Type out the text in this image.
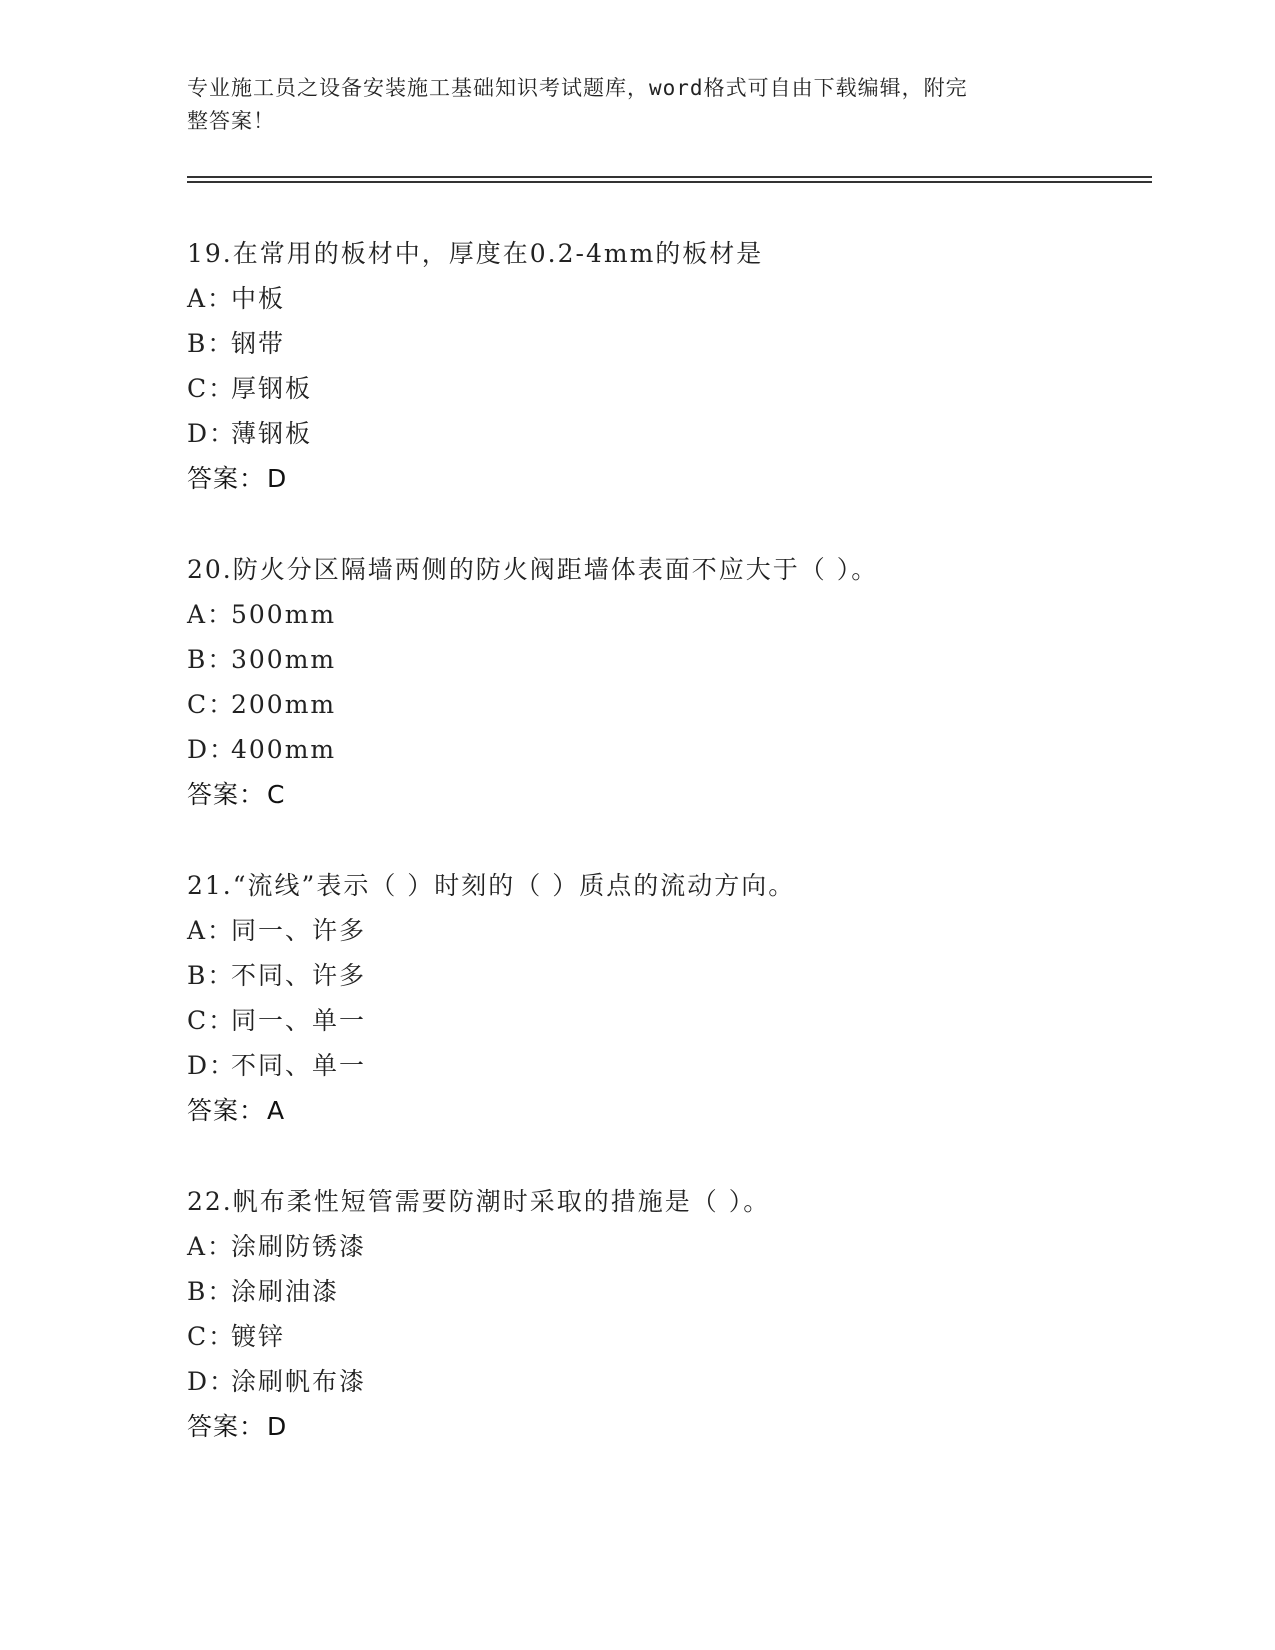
专业施工员之设备安装施工基础知识考试题库，word格式可自由下载编辑，附完
整答案！
19.在常用的板材中，厚度在0.2-4mm的板材是
A：
中板
B：
钢带
C：
厚钢板
D：
薄钢板
答案： D
20.防火分区隔墙两侧的防火阀距墙体表面不应大于（ ）。
A：
500mm
B：
300mm
C：
200mm
D：
400mm
答案： C
21.“流线”表示（ ）时刻的（ ）质点的流动方向。
A：
同一、许多
B：
不同、许多
C：
同一、单一
D：
不同、单一
答案： A
22.帆布柔性短管需要防潮时采取的措施是（ ）。
A：
涂刷防锈漆
B：
涂刷油漆
C：
镀锌
D：
涂刷帆布漆
答案： D
